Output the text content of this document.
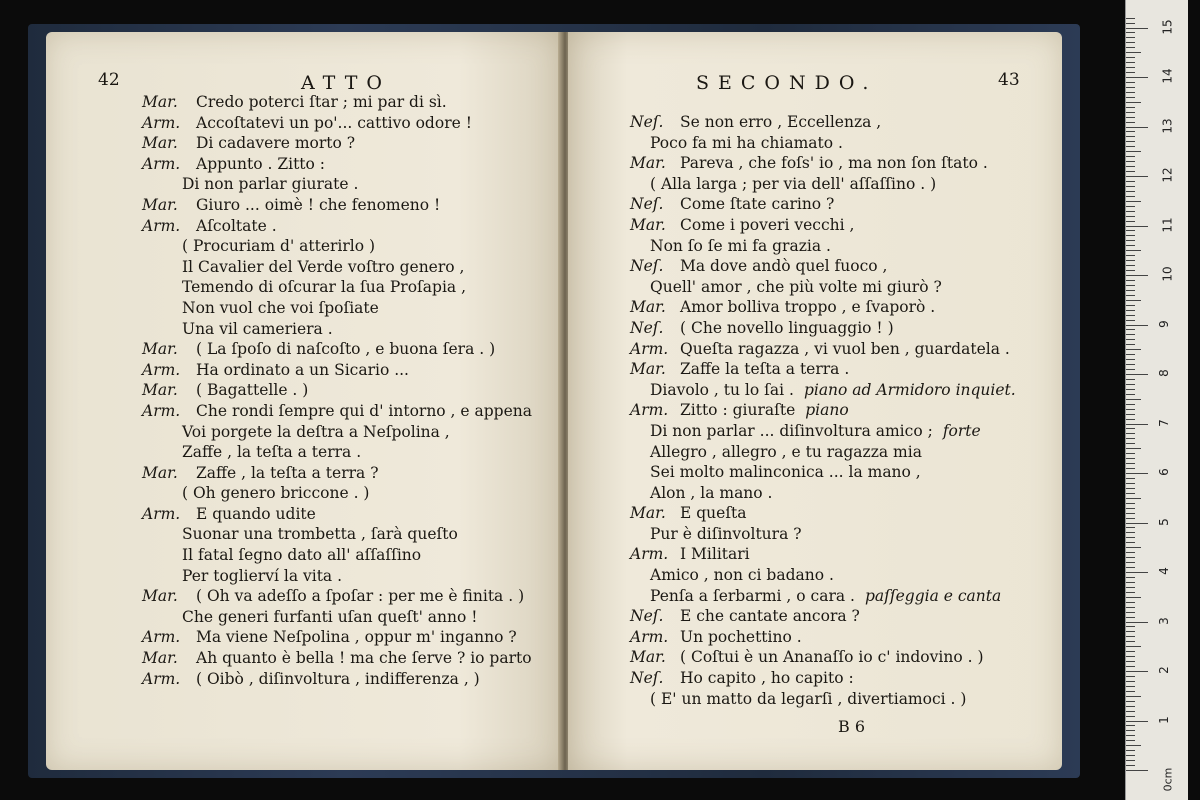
42	ATTO
Mar. Credo poterci ſtar ; mi par di sì.
Arm. Accoſtatevi un po'... cattivo odore !
Mar. Di cadavere morto ?
Arm. Appunto . Zitto :
Di non parlar giurate .
Mar. Giuro ... oimè ! che fenomeno !
Arm. Aſcoltate .
( Procuriam d' atterirlo )
Il Cavalier del Verde voſtro genero ,
Temendo di oſcurar la ſua Proſapia ,
Non vuol che voi ſpoſiate
Una vil cameriera .
Mar. ( La ſpoſo di naſcoſto , e buona ſera . )
Arm. Ha ordinato a un Sicario ...
Mar. ( Bagattelle . )
Arm. Che rondi ſempre qui d' intorno , e appena
Voi porgete la deſtra a Neſpolina ,
Zaffe , la teſta a terra .
Mar. Zaffe , la teſta a terra ?
( Oh genero briccone . )
Arm. E quando udite
Suonar una trombetta , ſarà queſto
Il fatal ſegno dato all' aſſaſſino
Per toglierví la vita .
Mar. ( Oh va adeſſo a ſpoſar : per me è finita . )
Che generi furfanti uſan queſt' anno !
Arm. Ma viene Neſpolina , oppur m' inganno ?
Mar. Ah quanto è bella ! ma che ſerve ? io parto
Arm. ( Oibò , diſinvoltura , indifferenza , )
SECONDO.	43
Neſ. Se non erro , Eccellenza ,
Poco fa mi ha chiamato .
Mar. Pareva , che foſs' io , ma non ſon ſtato .
( Alla larga ; per via dell' aſſaſſino . )
Neſ. Come ſtate carino ?
Mar. Come i poveri vecchi ,
Non ſo ſe mi fa grazia .
Neſ. Ma dove andò quel fuoco ,
Quell' amor , che più volte mi giurò ?
Mar. Amor bolliva troppo , e ſvaporò .
Neſ. ( Che novello linguaggio ! )
Arm. Queſta ragazza , vi vuol ben , guardatela .
Mar. Zaffe la teſta a terra .
Diavolo , tu lo ſai . piano ad Armidoro inquiet.
Arm. Zitto : giuraſte piano
Di non parlar ... diſinvoltura amico ; forte
Allegro , allegro , e tu ragazza mia
Sei molto malinconica ... la mano ,
Alon , la mano .
Mar. E queſta
Pur è diſinvoltura ?
Arm. I Militari
Amico , non ci badano .
Penſa a ſerbarmi , o cara . paſſeggia e canta
Neſ. E che cantate ancora ?
Arm. Un pochettino .
Mar. ( Coſtui è un Ananaſſo io c' indovino . )
Neſ. Ho capito , ho capito :
( E' un matto da legarſi , divertiamoci . )
B 6
0cm
1
2
3
4
5
6
7
8
9
10
11
12
13
14
15
